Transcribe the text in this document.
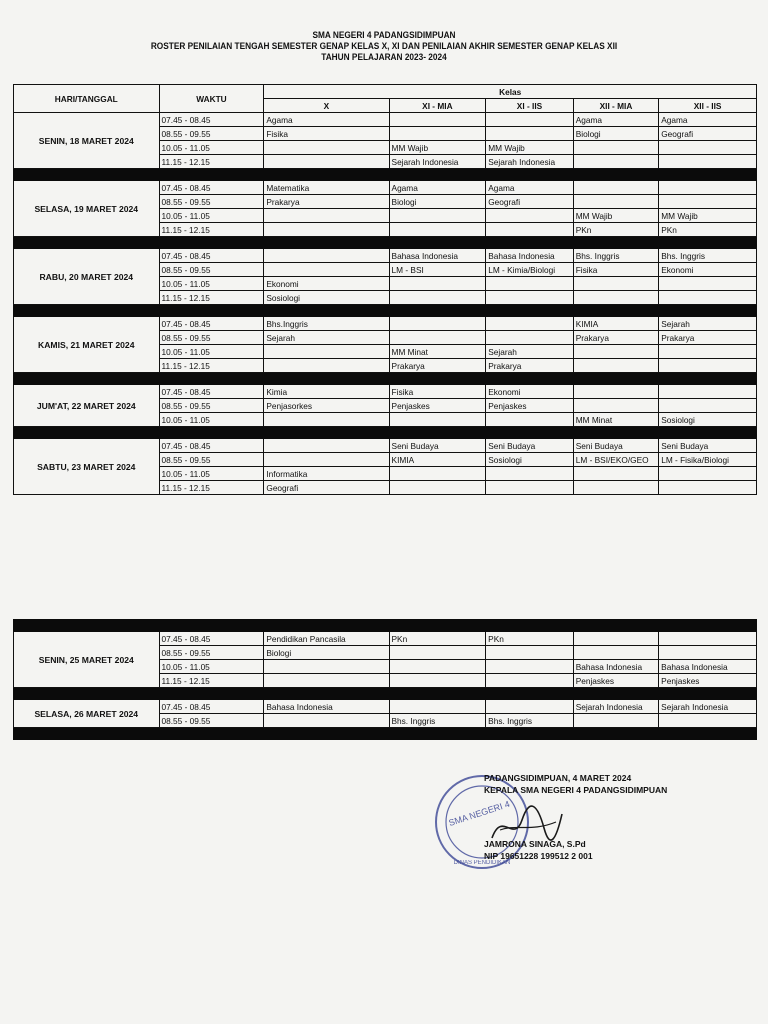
SMA NEGERI 4 PADANGSIDIMPUAN
ROSTER PENILAIAN TENGAH SEMESTER GENAP KELAS X, XI DAN PENILAIAN AKHIR SEMESTER GENAP KELAS XII
TAHUN PELAJARAN 2023- 2024
HARI/TANGGAL	WAKTU	Kelas				
		X	XI - MIA	XI - IIS	XII - MIA	XII - IIS
SENIN, 18 MARET 2024	07.45 - 08.45	Agama			Agama	Agama
	08.55 - 09.55	Fisika			Biologi	Geografi
	10.05 - 11.05		MM Wajib	MM Wajib		
	11.15 - 12.15		Sejarah Indonesia	Sejarah Indonesia		

SELASA, 19 MARET 2024	07.45 - 08.45	Matematika	Agama	Agama		
	08.55 - 09.55	Prakarya	Biologi	Geografi		
	10.05 - 11.05				MM Wajib	MM Wajib
	11.15 - 12.15				PKn	PKn

RABU, 20 MARET 2024	07.45 - 08.45		Bahasa Indonesia	Bahasa Indonesia	Bhs. Inggris	Bhs. Inggris
	08.55 - 09.55		LM - BSI	LM - Kimia/Biologi	Fisika	Ekonomi
	10.05 - 11.05	Ekonomi				
	11.15 - 12.15	Sosiologi				

KAMIS, 21 MARET 2024	07.45 - 08.45	Bhs.Inggris			KIMIA	Sejarah
	08.55 - 09.55	Sejarah			Prakarya	Prakarya
	10.05 - 11.05		MM Minat	Sejarah		
	11.15 - 12.15		Prakarya	Prakarya		

JUM'AT, 22 MARET 2024	07.45 - 08.45	Kimia	Fisika	Ekonomi		
	08.55 - 09.55	Penjasorkes	Penjaskes	Penjaskes		
	10.05 - 11.05				MM Minat	Sosiologi

SABTU, 23 MARET 2024	07.45 - 08.45		Seni Budaya	Seni Budaya	Seni Budaya	Seni Budaya
	08.55 - 09.55		KIMIA	Sosiologi	LM - BSI/EKO/GEO	LM - Fisika/Biologi
	10.05 - 11.05	Informatika				
	11.15 - 12.15	Geografi				

SENIN, 25 MARET 2024	07.45 - 08.45	Pendidikan Pancasila	PKn	PKn		
	08.55 - 09.55	Biologi				
	10.05 - 11.05				Bahasa Indonesia	Bahasa Indonesia
	11.15 - 12.15				Penjaskes	Penjaskes

SELASA, 26 MARET 2024	07.45 - 08.45	Bahasa Indonesia			Sejarah Indonesia	Sejarah Indonesia
	08.55 - 09.55		Bhs. Inggris	Bhs. Inggris		

SMA NEGERI 4
DINAS PENDIDIKAN
PADANGSIDIMPUAN, 4 MARET 2024
KEPALA SMA NEGERI 4 PADANGSIDIMPUAN
JAMRONA SINAGA, S.Pd
NIP 19651228 199512 2 001
